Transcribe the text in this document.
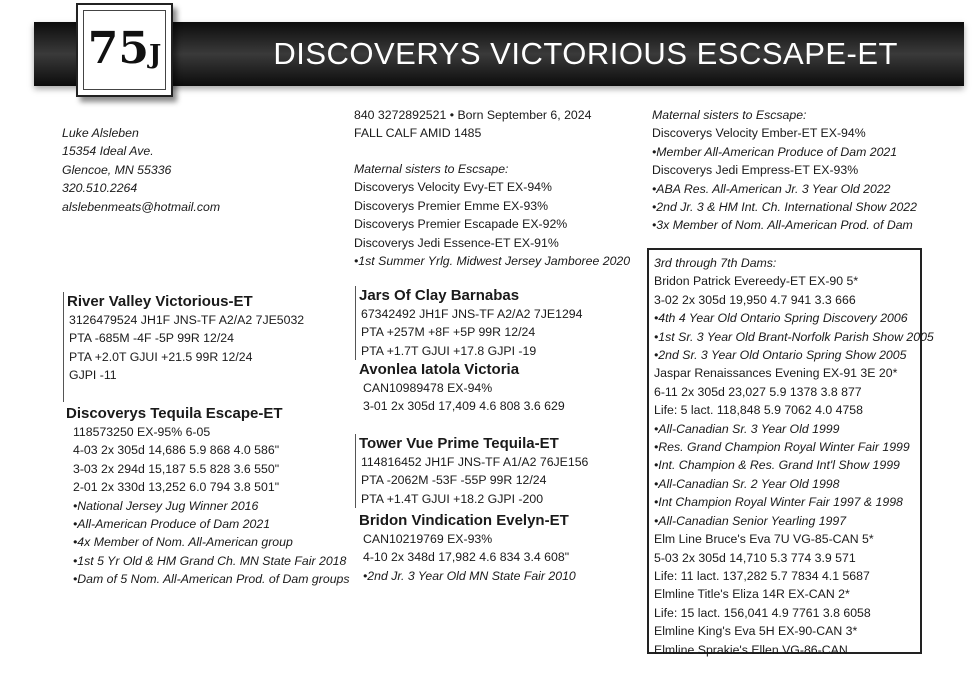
DISCOVERYS VICTORIOUS ESCSAPE-ET
75J
Luke Alsleben
15354 Ideal Ave.
Glencoe, MN 55336
320.510.2264
alslebenmeats@hotmail.com
840 3272892521 • Born September 6, 2024
FALL CALF AMID 1485
Maternal sisters to Escsape:
Discoverys Velocity Evy-ET EX-94%
Discoverys Premier Emme EX-93%
Discoverys Premier Escapade EX-92%
Discoverys Jedi Essence-ET EX-91%
•1st Summer Yrlg. Midwest Jersey Jamboree 2020
Maternal sisters to Escsape:
Discoverys Velocity Ember-ET EX-94%
•Member All-American Produce of Dam 2021
Discoverys Jedi Empress-ET EX-93%
•ABA Res. All-American Jr. 3 Year Old 2022
•2nd Jr. 3 & HM Int. Ch. International Show 2022
•3x Member of Nom. All-American Prod. of Dam
River Valley Victorious-ET
3126479524 JH1F JNS-TF A2/A2 7JE5032
PTA -685M -4F -5P 99R 12/24
PTA +2.0T GJUI +21.5 99R 12/24
GJPI -11
Discoverys Tequila Escape-ET
118573250 EX-95% 6-05
4-03 2x 305d 14,686 5.9 868 4.0 586"
3-03 2x 294d 15,187 5.5 828 3.6 550"
2-01 2x 330d 13,252 6.0 794 3.8 501"
•National Jersey Jug Winner 2016
•All-American Produce of Dam 2021
•4x Member of Nom. All-American group
•1st 5 Yr Old & HM Grand Ch. MN State Fair 2018
•Dam of 5 Nom. All-American Prod. of Dam groups
Jars Of Clay Barnabas
67342492 JH1F JNS-TF A2/A2 7JE1294
PTA +257M +8F +5P 99R 12/24
PTA +1.7T GJUI +17.8 GJPI -19
Avonlea Iatola Victoria
CAN10989478 EX-94%
3-01 2x 305d 17,409 4.6 808 3.6 629
Tower Vue Prime Tequila-ET
114816452 JH1F JNS-TF A1/A2 76JE156
PTA -2062M -53F -55P 99R 12/24
PTA +1.4T GJUI +18.2 GJPI -200
Bridon Vindication Evelyn-ET
CAN10219769 EX-93%
4-10 2x 348d 17,982 4.6 834 3.4 608"
•2nd Jr. 3 Year Old MN State Fair 2010
3rd through 7th Dams:
Bridon Patrick Evereedy-ET EX-90 5*
3-02 2x 305d 19,950 4.7 941 3.3 666
•4th 4 Year Old Ontario Spring Discovery 2006
•1st Sr. 3 Year Old Brant-Norfolk Parish Show 2005
•2nd Sr. 3 Year Old Ontario Spring Show 2005
Jaspar Renaissances Evening EX-91 3E 20*
6-11 2x 305d 23,027 5.9 1378 3.8 877
Life: 5 lact. 118,848 5.9 7062 4.0 4758
•All-Canadian Sr. 3 Year Old 1999
•Res. Grand Champion Royal Winter Fair 1999
•Int. Champion & Res. Grand Int'l Show 1999
•All-Canadian Sr. 2 Year Old 1998
•Int Champion Royal Winter Fair 1997 & 1998
•All-Canadian Senior Yearling 1997
Elm Line Bruce's Eva 7U VG-85-CAN 5*
5-03 2x 305d 14,710 5.3 774 3.9 571
Life: 11 lact. 137,282 5.7 7834 4.1 5687
Elmline Title's Eliza 14R EX-CAN 2*
Life: 15 lact. 156,041 4.9 7761 3.8 6058
Elmline King's Eva 5H EX-90-CAN 3*
Elmline Sprakie's Ellen VG-86-CAN
